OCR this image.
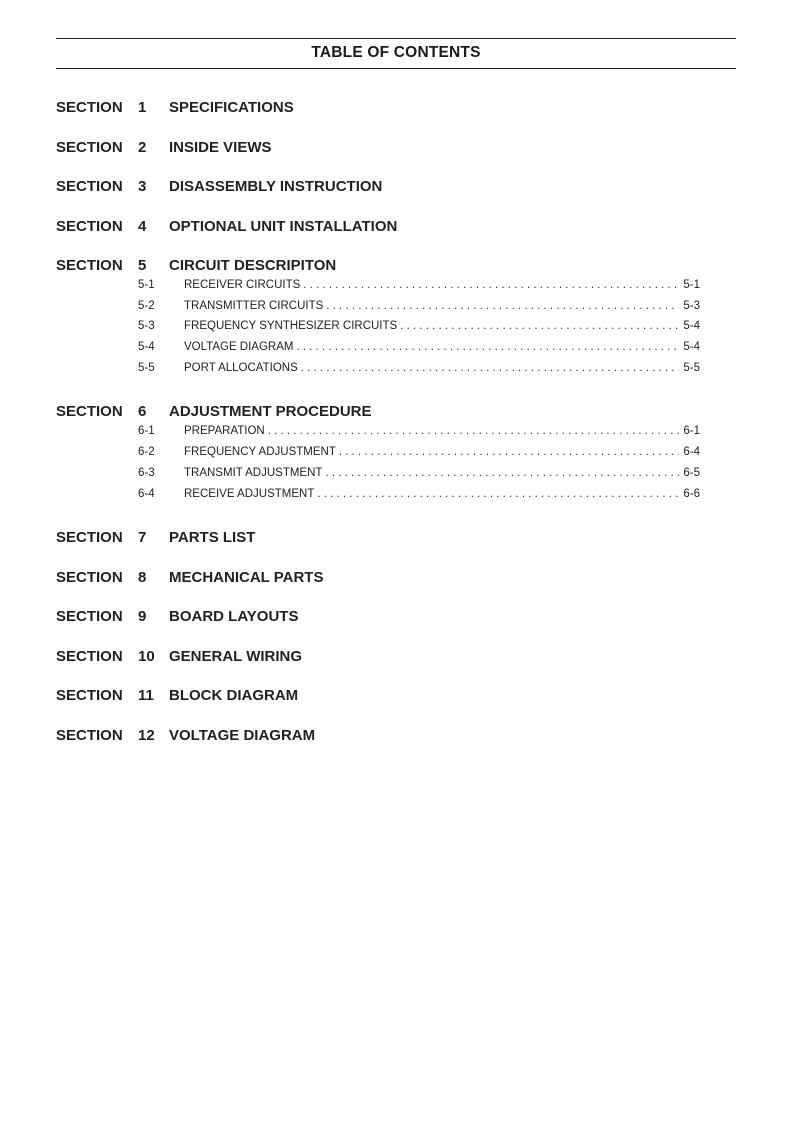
TABLE OF CONTENTS
SECTION	1	SPECIFICATIONS
SECTION	2	INSIDE VIEWS
SECTION	3	DISASSEMBLY INSTRUCTION
SECTION	4	OPTIONAL UNIT INSTALLATION
SECTION	5	CIRCUIT DESCRIPITON
5-1	RECEIVER CIRCUITS . . .	5-1
5-2	TRANSMITTER CIRCUITS . . .	5-3
5-3	FREQUENCY SYNTHESIZER CIRCUITS . . .	5-4
5-4	VOLTAGE DIAGRAM . . .	5-4
5-5	PORT ALLOCATIONS . . .	5-5
SECTION	6	ADJUSTMENT PROCEDURE
6-1	PREPARATION . . .	6-1
6-2	FREQUENCY ADJUSTMENT . . .	6-4
6-3	TRANSMIT ADJUSTMENT . . .	6-5
6-4	RECEIVE ADJUSTMENT . . .	6-6
SECTION	7	PARTS LIST
SECTION	8	MECHANICAL PARTS
SECTION	9	BOARD LAYOUTS
SECTION	10 GENERAL WIRING
SECTION	11	BLOCK DIAGRAM
SECTION	12 VOLTAGE DIAGRAM
